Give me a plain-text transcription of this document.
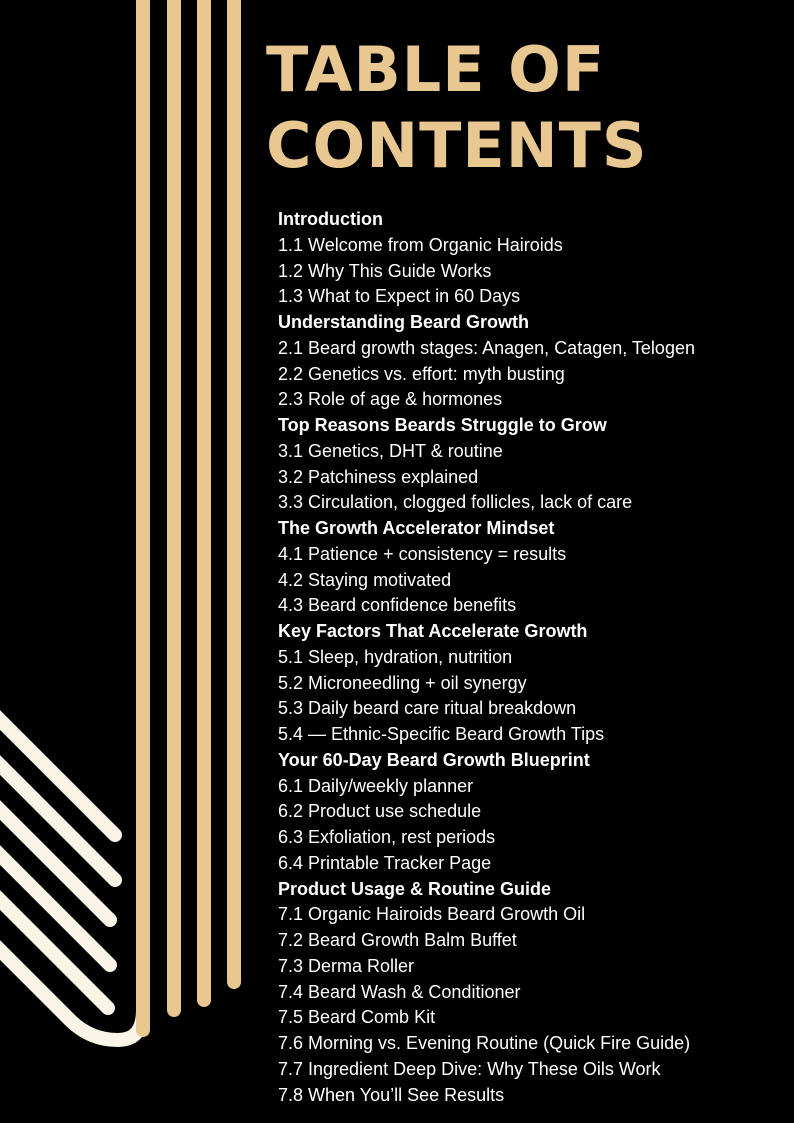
TABLE OF
CONTENTS
Introduction
1.1 Welcome from Organic Hairoids
1.2 Why This Guide Works
1.3 What to Expect in 60 Days
Understanding Beard Growth
2.1 Beard growth stages: Anagen, Catagen, Telogen
2.2 Genetics vs. effort: myth busting
2.3 Role of age & hormones
Top Reasons Beards Struggle to Grow
3.1 Genetics, DHT & routine
3.2 Patchiness explained
3.3 Circulation, clogged follicles, lack of care
The Growth Accelerator Mindset
4.1 Patience + consistency = results
4.2 Staying motivated
4.3 Beard confidence benefits
Key Factors That Accelerate Growth
5.1 Sleep, hydration, nutrition
5.2 Microneedling + oil synergy
5.3 Daily beard care ritual breakdown
5.4 — Ethnic-Specific Beard Growth Tips
Your 60-Day Beard Growth Blueprint
6.1 Daily/weekly planner
6.2 Product use schedule
6.3 Exfoliation, rest periods
6.4 Printable Tracker Page
Product Usage & Routine Guide
7.1 Organic Hairoids Beard Growth Oil
7.2 Beard Growth Balm Buffet
7.3 Derma Roller
7.4 Beard Wash & Conditioner
7.5 Beard Comb Kit
7.6 Morning vs. Evening Routine (Quick Fire Guide)
7.7 Ingredient Deep Dive: Why These Oils Work
7.8 When You’ll See Results
